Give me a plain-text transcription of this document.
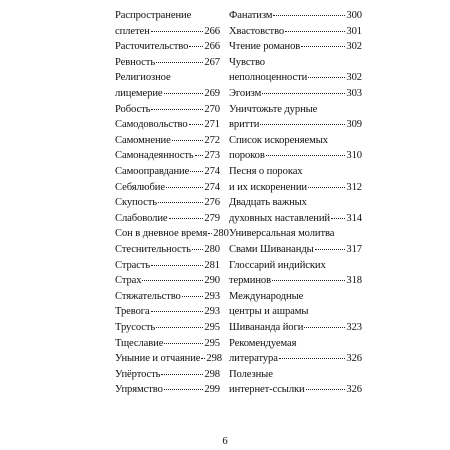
Распространение
сплетен	266
Расточительство 266
Ревность	267
Религиозное
лицемерие	269
Робость	270
Самодовольство 271
Самомнение	272
Самонадеянность 273
Самооправдание 274
Себялюбие	274
Скупость	276
Слабоволие	279
Сон в дневное время 280
Стеснительность 280
Страсть	281
Страх	290
Стяжательство 293
Тревога	293
Трусость	295
Тщеславие	295
Уныние и отчаяние 298
Упёртость	298
Упрямство	299
Фанатизм	300
Хвастовство	301
Чтение романов	302
Чувство
неполноценности	302
Эгоизм	303
Уничтожьте дурные
вритти	309
Список искореняемых
пороков	310
Песня о пороках
и их искоренении	312
Двадцать важных
духовных наставлений 314
Универсальная молитва
Свами Шивананды	317
Глоссарий индийских
терминов	318
Международные
центры и ашрамы
Шивананда йоги	323
Рекомендуемая
литература	326
Полезные
интернет-ссылки	326
6
